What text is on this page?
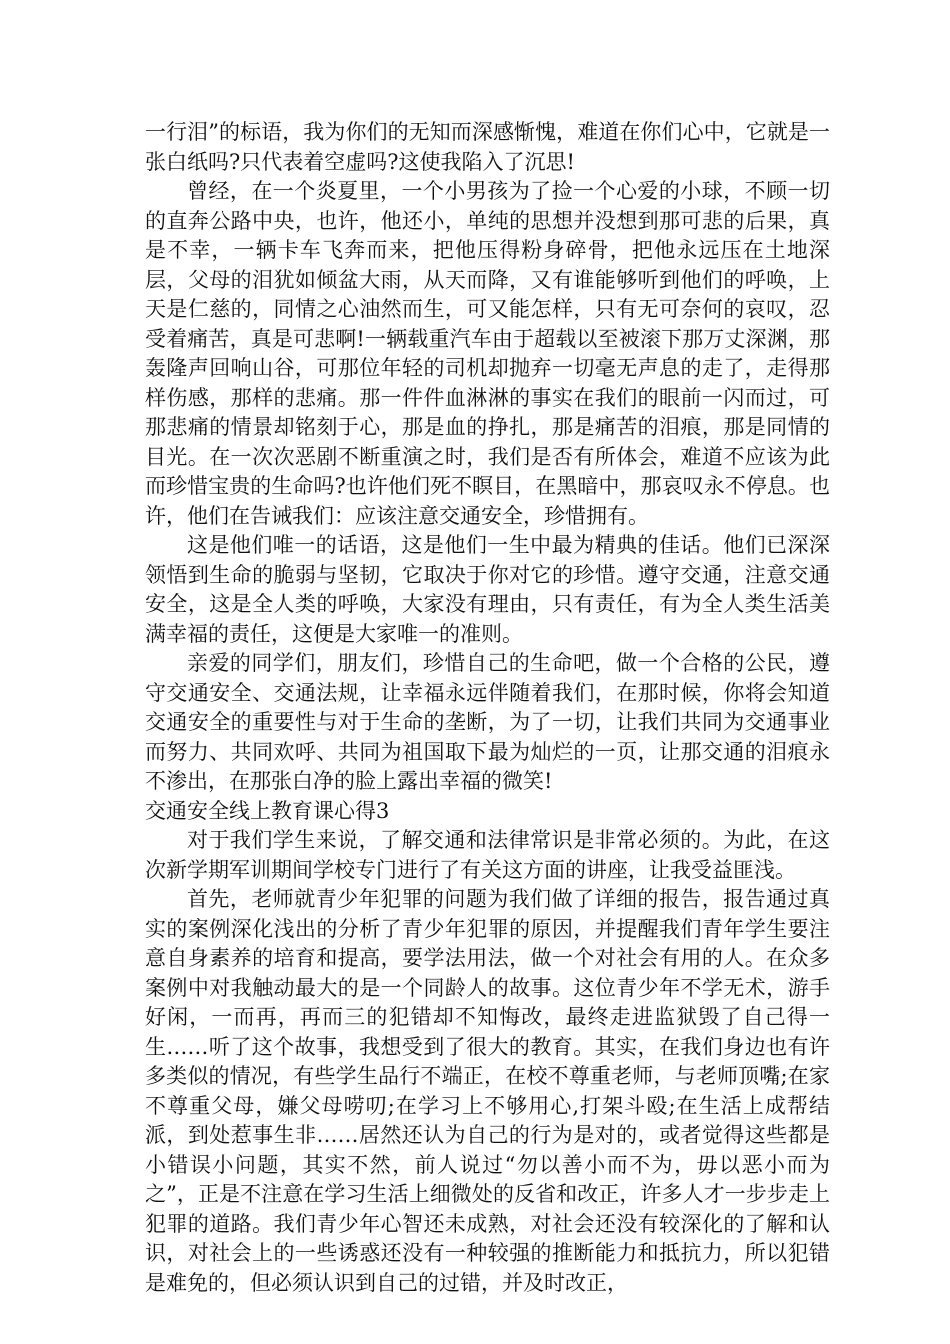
一行泪”的标语，我为你们的无知而深感惭愧，难道在你们心中，它就是一张白纸吗?只代表着空虚吗?这使我陷入了沉思!

曾经，在一个炎夏里，一个小男孩为了捡一个心爱的小球，不顾一切的直奔公路中央，也许，他还小，单纯的思想并没想到那可悲的后果，真是不幸，一辆卡车飞奔而来，把他压得粉身碎骨，把他永远压在土地深层，父母的泪犹如倾盆大雨，从天而降，又有谁能够听到他们的呼唤，上天是仁慈的，同情之心油然而生，可又能怎样，只有无可奈何的哀叹，忍受着痛苦，真是可悲啊!一辆载重汽车由于超载以至被滚下那万丈深渊，那轰隆声回响山谷，可那位年轻的司机却抛弃一切毫无声息的走了，走得那样伤感，那样的悲痛。那一件件血淋淋的事实在我们的眼前一闪而过，可那悲痛的情景却铭刻于心，那是血的挣扎，那是痛苦的泪痕，那是同情的目光。在一次次恶剧不断重演之时，我们是否有所体会，难道不应该为此而珍惜宝贵的生命吗?也许他们死不瞑目，在黑暗中，那哀叹永不停息。也许，他们在告诫我们：应该注意交通安全，珍惜拥有。

这是他们唯一的话语，这是他们一生中最为精典的佳话。他们已深深领悟到生命的脆弱与坚韧，它取决于你对它的珍惜。遵守交通，注意交通安全，这是全人类的呼唤，大家没有理由，只有责任，有为全人类生活美满幸福的责任，这便是大家唯一的准则。

亲爱的同学们，朋友们，珍惜自己的生命吧，做一个合格的公民，遵守交通安全、交通法规，让幸福永远伴随着我们，在那时候，你将会知道交通安全的重要性与对于生命的垄断，为了一切，让我们共同为交通事业而努力、共同欢呼、共同为祖国取下最为灿烂的一页，让那交通的泪痕永不渗出，在那张白净的脸上露出幸福的微笑!

交通安全线上教育课心得3

对于我们学生来说，了解交通和法律常识是非常必须的。为此，在这次新学期军训期间学校专门进行了有关这方面的讲座，让我受益匪浅。

首先，老师就青少年犯罪的问题为我们做了详细的报告，报告通过真实的案例深化浅出的分析了青少年犯罪的原因，并提醒我们青年学生要注意自身素养的培育和提高，要学法用法，做一个对社会有用的人。在众多案例中对我触动最大的是一个同龄人的故事。这位青少年不学无术，游手好闲，一而再，再而三的犯错却不知悔改，最终走进监狱毁了自己得一生……听了这个故事，我想受到了很大的教育。其实，在我们身边也有许多类似的情况，有些学生品行不端正，在校不尊重老师，与老师顶嘴;在家不尊重父母，嫌父母唠叨;在学习上不够用心,打架斗殴;在生活上成帮结派，到处惹事生非……居然还认为自己的行为是对的，或者觉得这些都是小错误小问题，其实不然，前人说过“勿以善小而不为，毋以恶小而为之”，正是不注意在学习生活上细微处的反省和改正，许多人才一步步走上犯罪的道路。我们青少年心智还未成熟，对社会还没有较深化的了解和认识，对社会上的一些诱惑还没有一种较强的推断能力和抵抗力，所以犯错是难免的，但必须认识到自己的过错，并及时改正，
